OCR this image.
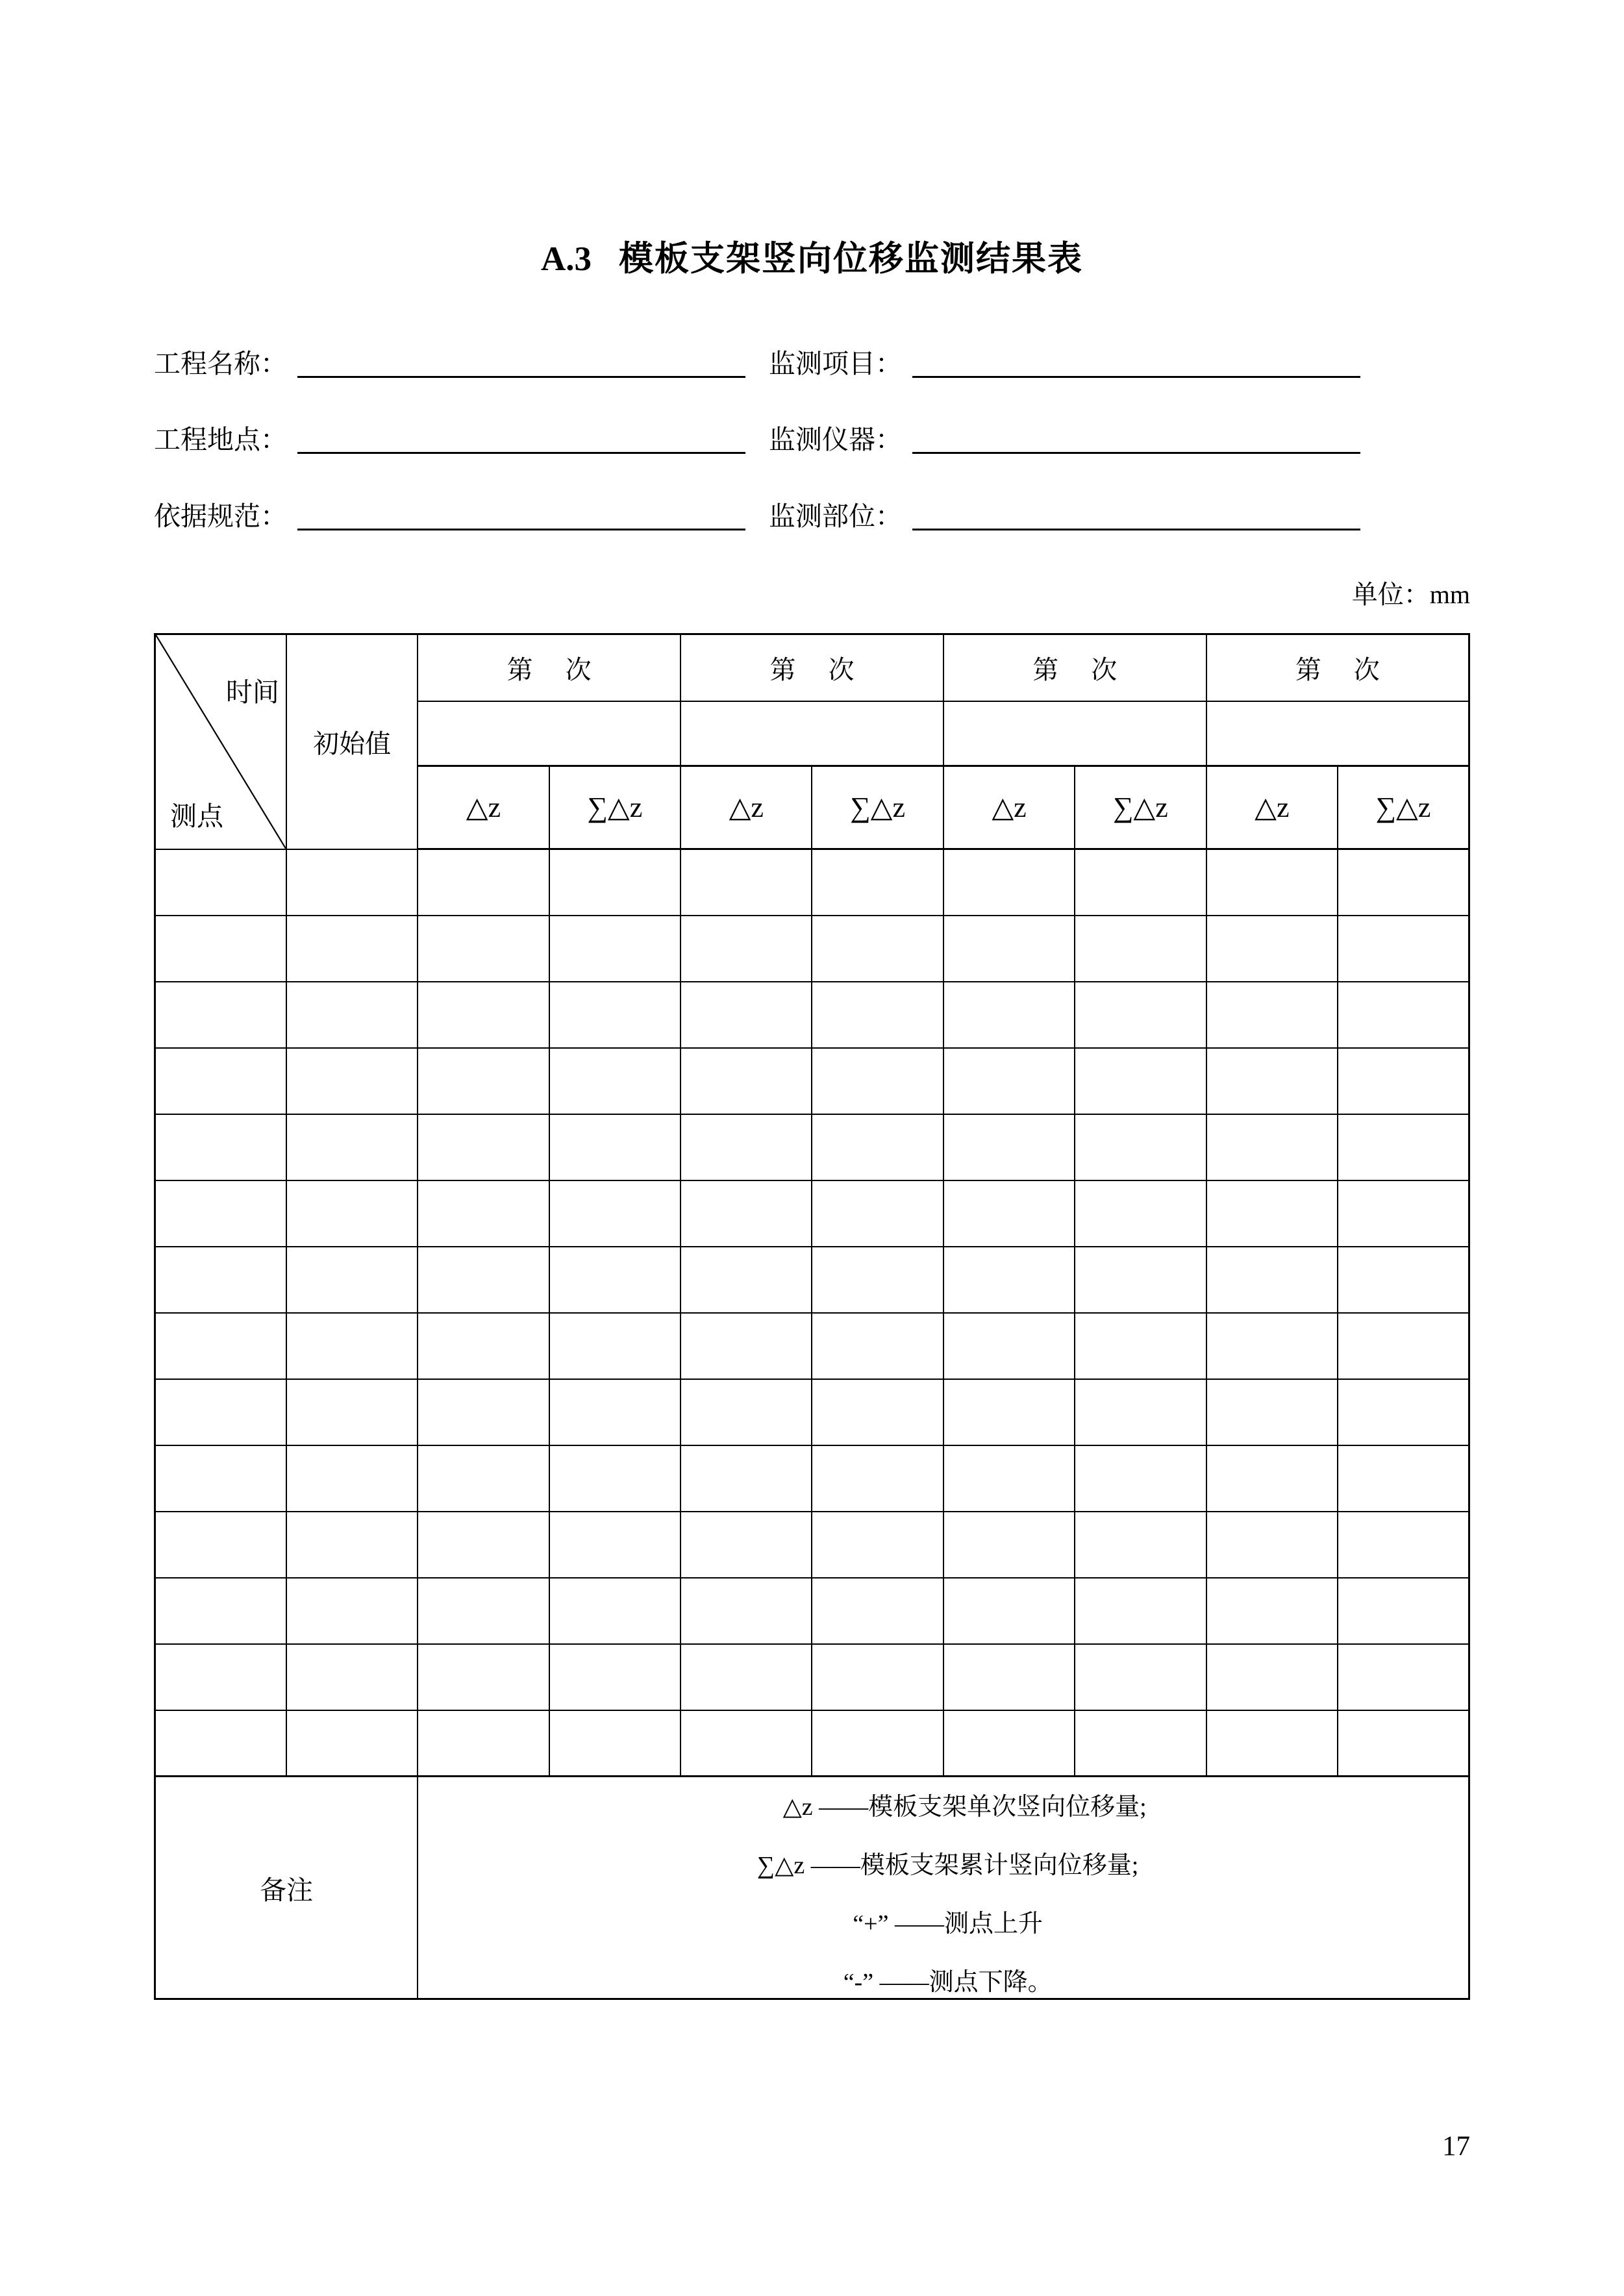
A.3 模板支架竖向位移监测结果表
工程名称：	监测项目：
工程地点：	监测仪器：
依据规范：	监测部位：
单位：mm
时间
测点	初始值	第　 次		第　 次		第　 次		第　 次	

		△z	∑△z	△z	∑△z	△z	∑△z	△z	∑△z

备注		△z ——模板支架单次竖向位移量;
∑△z ——模板支架累计竖向位移量;
“+” ——测点上升
“-” ——测点下降。							
17
